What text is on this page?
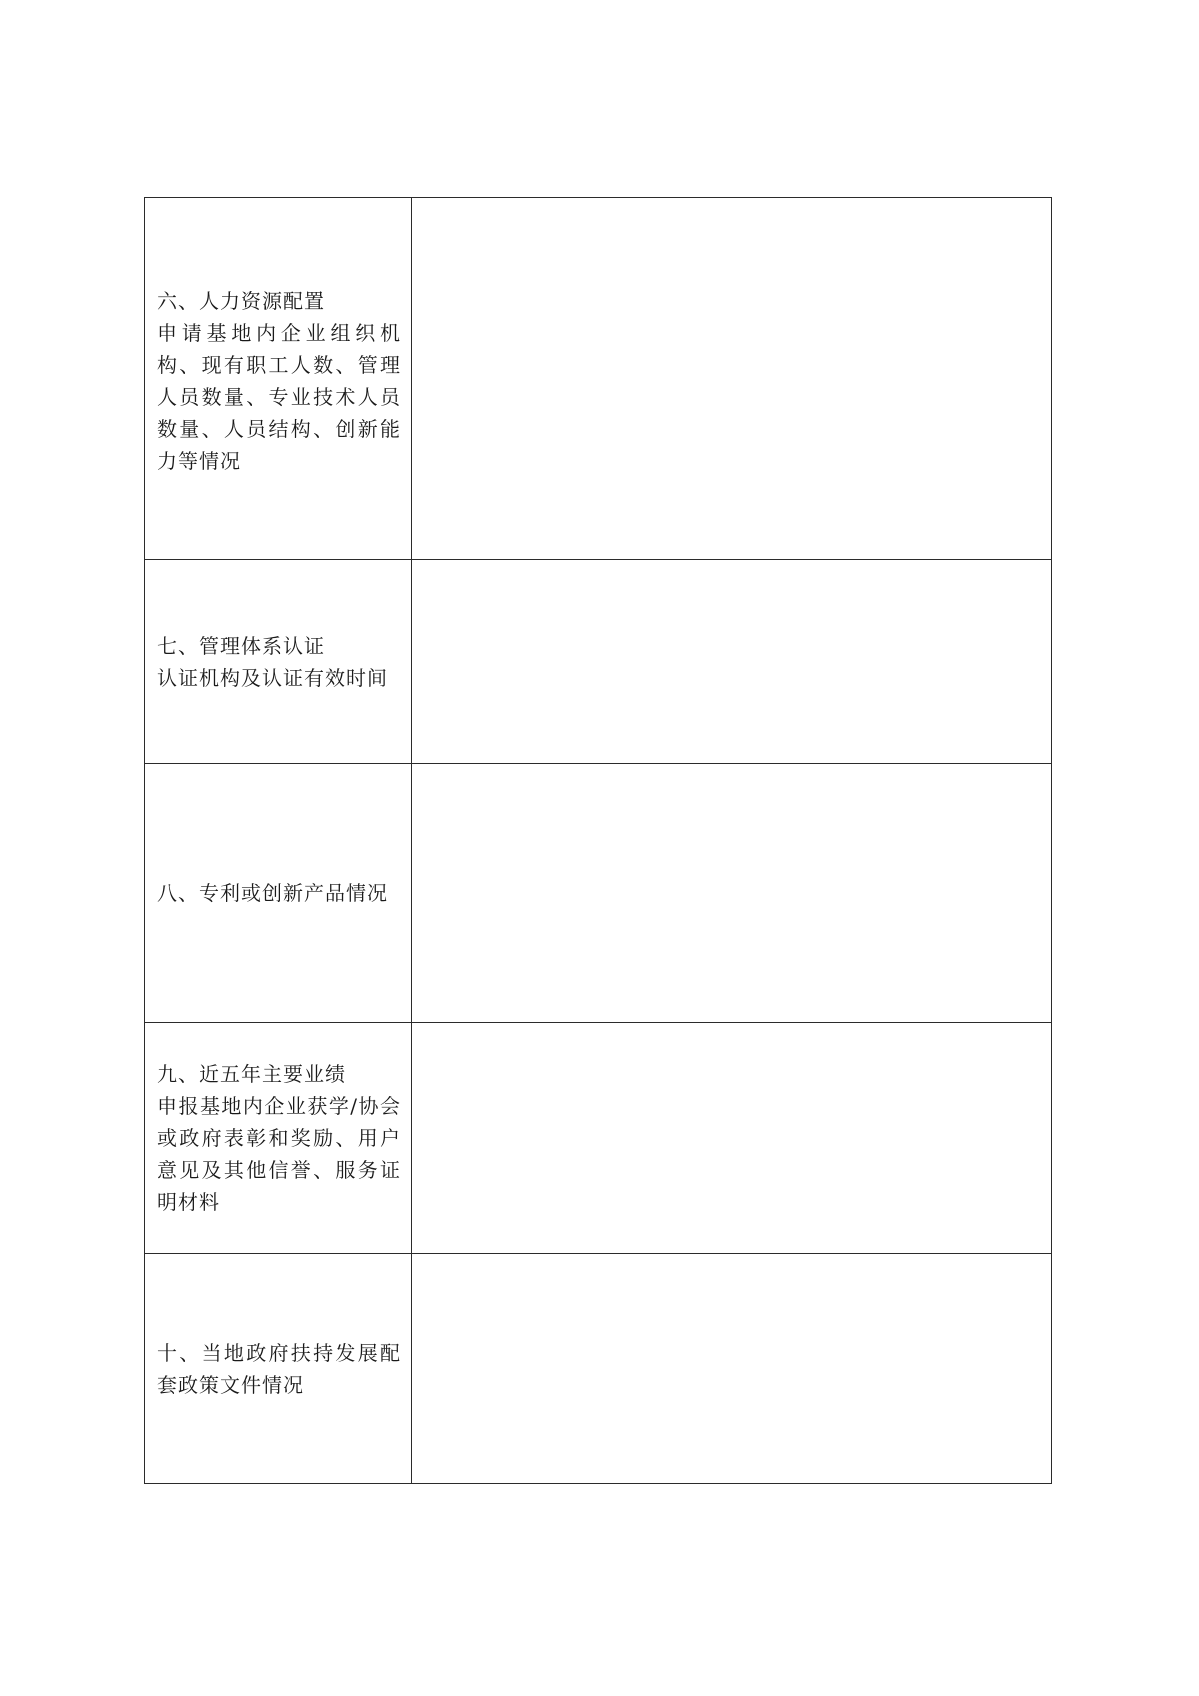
六、人力资源配置
申请基地内企业组织机构、现有职工人数、管理人员数量、专业技术人员数量、人员结构、创新能力等情况	

七、管理体系认证
认证机构及认证有效时间	

八、专利或创新产品情况	

九、近五年主要业绩
申报基地内企业获学/协会或政府表彰和奖励、用户意见及其他信誉、服务证明材料	

十、当地政府扶持发展配套政策文件情况	
